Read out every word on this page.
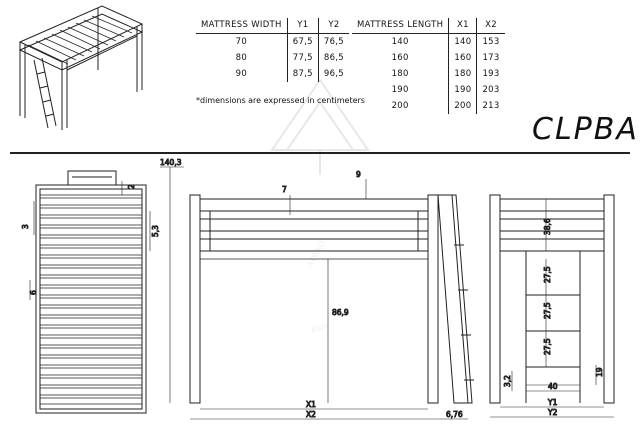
ADEKO
Kids
MATTRESS WIDTH	Y1	Y2
70	67,5	76,5
80	77,5	86,5
90	87,5	96,5
*dimensions are expressed in centimeters
MATTRESS LENGTH	X1	X2
140	140	153
160	160	173
180	180	193
190	190	203
200	200	213
CLPBA
3
6
5,3
2
140,3
7
9
86,9
X1
X2	6,76
38,6
27,5
27,5
27,5
3,2
19
40
Y1
Y2
